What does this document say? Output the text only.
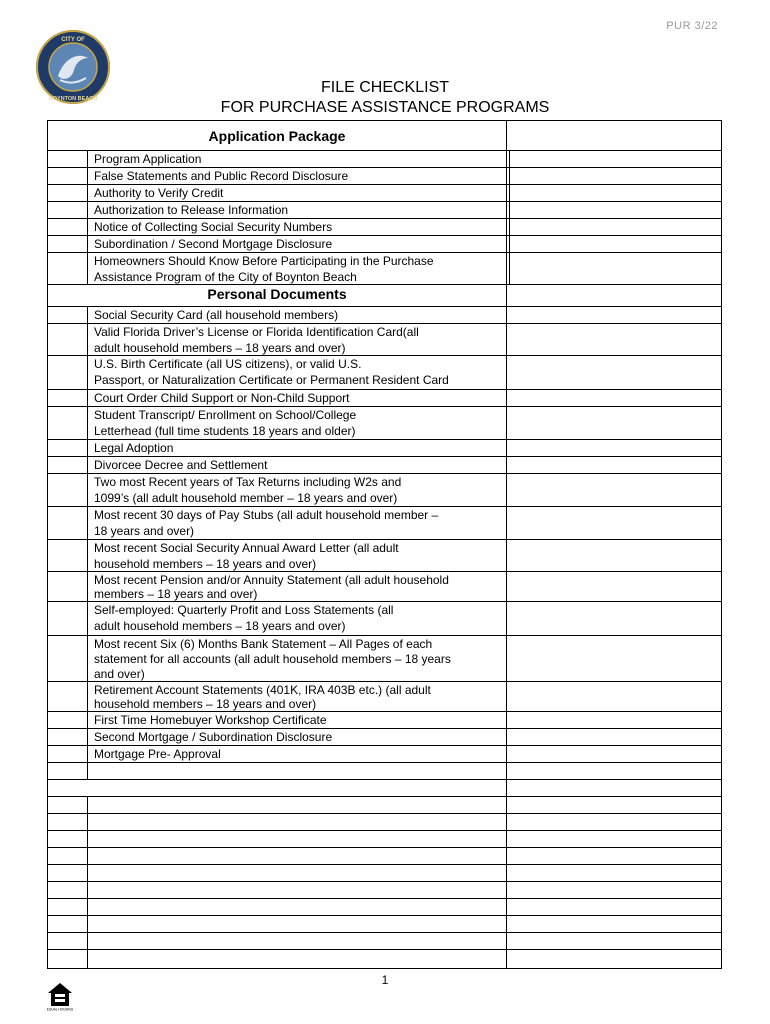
PUR 3/22
CITY OF
BOYNTON BEACH
FILE CHECKLIST
FOR PURCHASE ASSISTANCE PROGRAMS
Application Package
Program Application
False Statements and Public Record Disclosure
Authority to Verify Credit
Authorization to Release Information
Notice of Collecting Social Security Numbers
Subordination / Second Mortgage Disclosure
Homeowners Should Know Before Participating in the Purchase
Assistance Program of the City of Boynton Beach
Personal Documents
Social Security Card (all household members)
Valid Florida Driver’s License or Florida Identification Card(all
adult household members – 18 years and over)
U.S. Birth Certificate (all US citizens), or valid U.S.
Passport, or Naturalization Certificate or Permanent Resident Card
Court Order Child Support or Non-Child Support
Student Transcript/ Enrollment on School/College
Letterhead (full time students 18 years and older)
Legal Adoption
Divorcee Decree and Settlement
Two most Recent years of Tax Returns including W2s and
1099’s (all adult household member – 18 years and over)
Most recent 30 days of Pay Stubs (all adult household member –
18 years and over)
Most recent Social Security Annual Award Letter (all adult
household members – 18 years and over)
Most recent Pension and/or Annuity Statement (all adult household
members – 18 years and over)
Self-employed: Quarterly Profit and Loss Statements (all
adult household members – 18 years and over)
Most recent Six (6) Months Bank Statement – All Pages of each
statement for all accounts (all adult household members – 18 years
and over)
Retirement Account Statements (401K, IRA 403B etc.) (all adult
household members – 18 years and over)
First Time Homebuyer Workshop Certificate
Second Mortgage / Subordination Disclosure
Mortgage Pre- Approval
1
EQUAL HOUSING
